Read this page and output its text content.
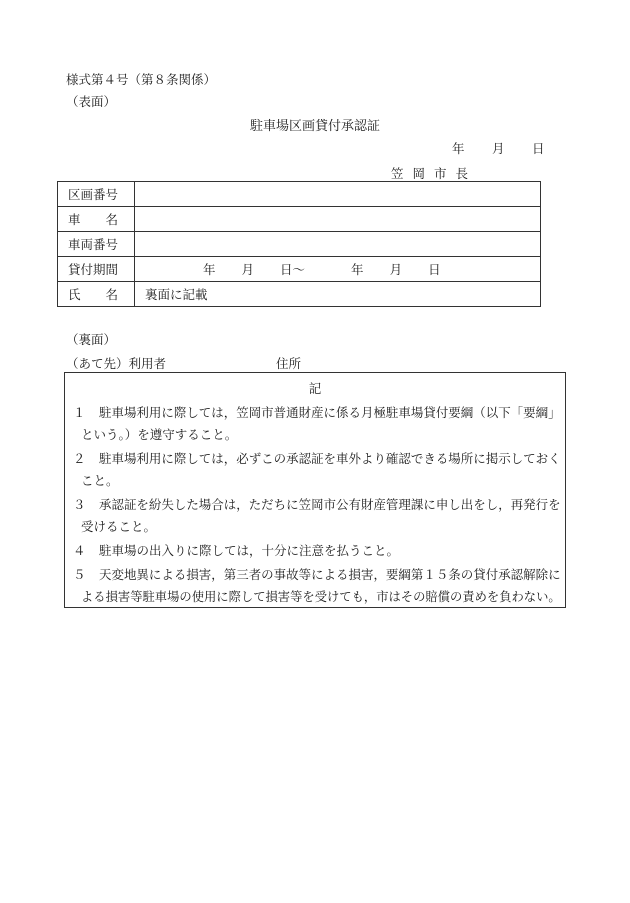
様式第４号（第８条関係）
（表面）
駐車場区画貸付承認証
年 月 日
笠岡市長
区画番号	
車　　名	
車両番号	
貸付期間	年 月 日～ 年 月 日
氏　　名	裏面に記載
（裏面）
（あて先）利用者	住所
記
１ 駐車場利用に際しては，笠岡市普通財産に係る月極駐車場貸付要綱（以下「要綱」
という。）を遵守すること。
２ 駐車場利用に際しては，必ずこの承認証を車外より確認できる場所に掲示しておく
こと。
３ 承認証を紛失した場合は，ただちに笠岡市公有財産管理課に申し出をし，再発行を
受けること。
４ 駐車場の出入りに際しては，十分に注意を払うこと。
５ 天変地異による損害，第三者の事故等による損害，要綱第１５条の貸付承認解除に
よる損害等駐車場の使用に際して損害等を受けても，市はその賠償の責めを負わない。
